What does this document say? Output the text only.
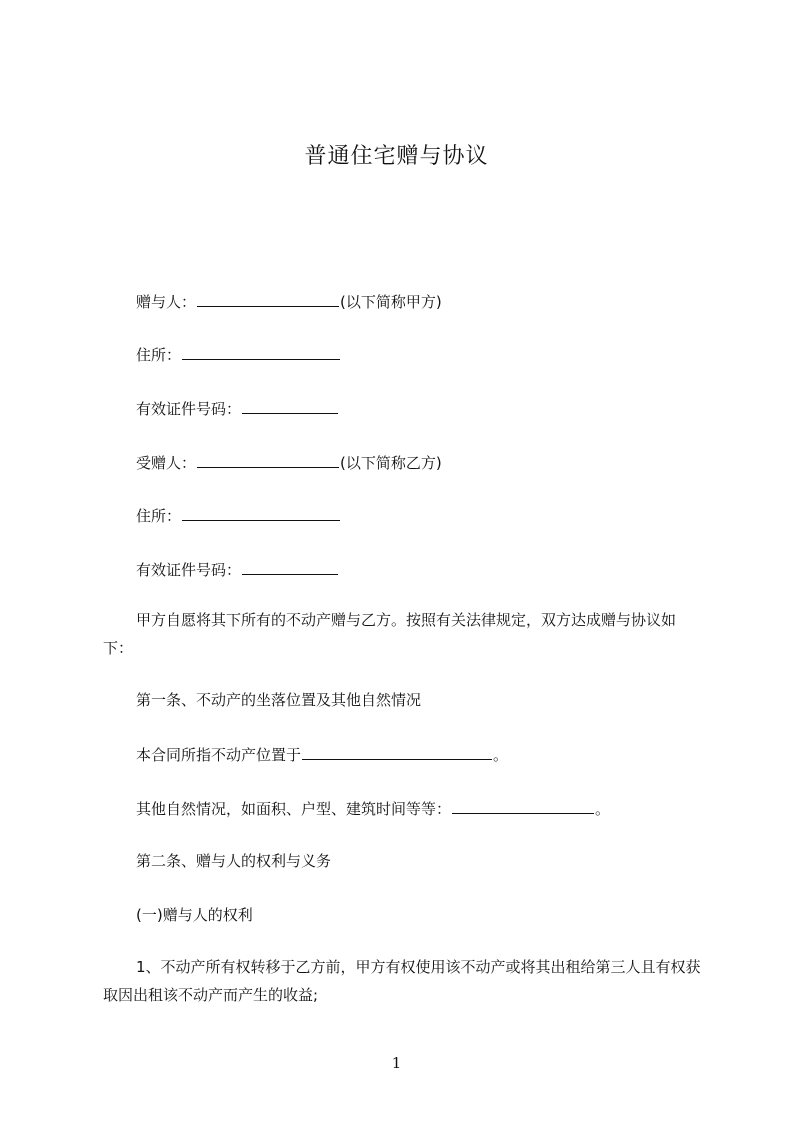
普通住宅赠与协议
赠与人：	(以下简称甲方)
住所：
有效证件号码：
受赠人：	(以下简称乙方)
住所：
有效证件号码：
甲方自愿将其下所有的不动产赠与乙方。按照有关法律规定，双方达成赠与协议如下：
第一条、不动产的坐落位置及其他自然情况
本合同所指不动产位置于	。
其他自然情况，如面积、户型、建筑时间等等：	。
第二条、赠与人的权利与义务
(一)赠与人的权利
1、不动产所有权转移于乙方前，甲方有权使用该不动产或将其出租给第三人且有权获取因出租该不动产而产生的收益;
1
